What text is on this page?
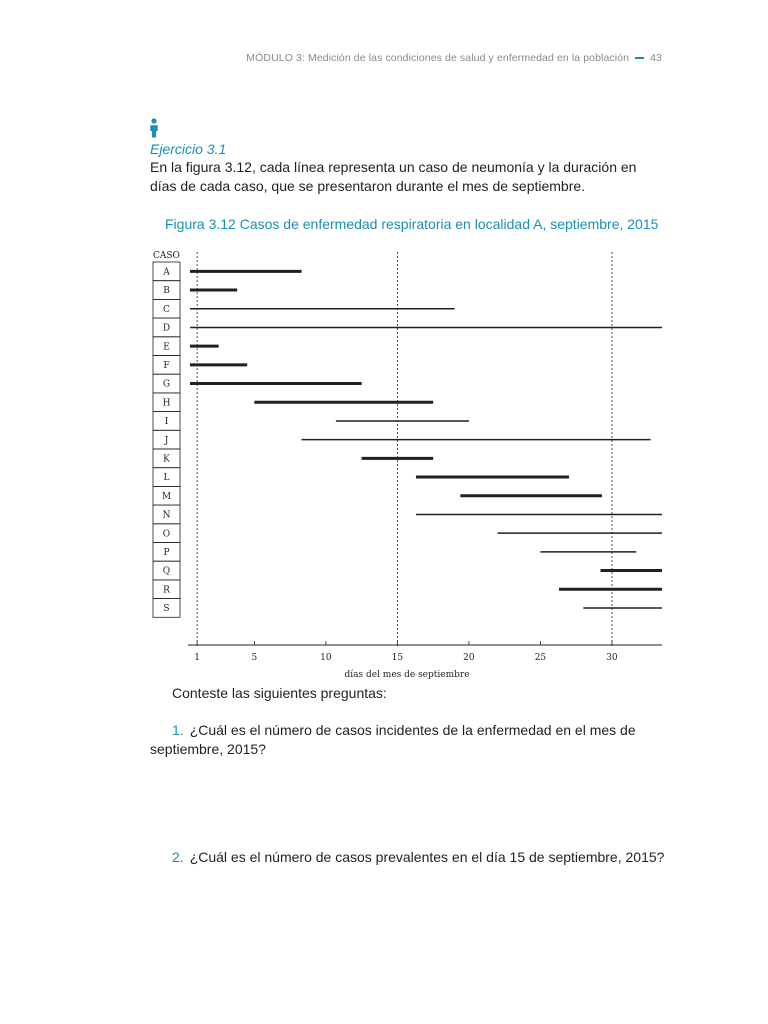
MÓDULO 3: Medición de las condiciones de salud y enfermedad en la población 43
Ejercicio 3.1

En la figura 3.12, cada línea representa un caso de neumonía y la duración en días de cada caso, que se presentaron durante el mes de septiembre.

Figura 3.12 Casos de enfermedad respiratoria en localidad A, septiembre, 2015
CASO
A
B
C
D
E
F
G
H
I
J
K
L
M
N
O
P
Q
R
S
1	5	10	15	20	25	30
días del mes de septiembre
Conteste las siguientes preguntas:

1. ¿Cuál es el número de casos incidentes de la enfermedad en el mes de septiembre, 2015?

2. ¿Cuál es el número de casos prevalentes en el día 15 de septiembre, 2015?
